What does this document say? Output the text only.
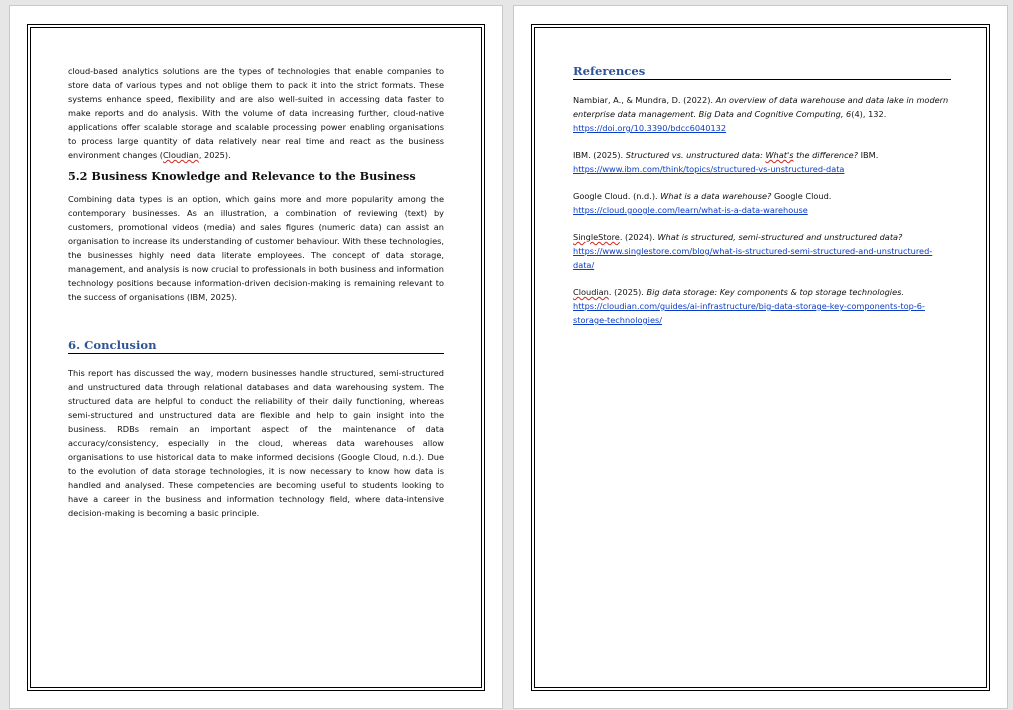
cloud-based analytics solutions are the types of technologies that enable companies to store data of various types and not oblige them to pack it into the strict formats. These systems enhance speed, flexibility and are also well-suited in accessing data faster to make reports and do analysis. With the volume of data increasing further, cloud-native applications offer scalable storage and scalable processing power enabling organisations to process large quantity of data relatively near real time and react as the business environment changes (Cloudian, 2025).

5.2 Business Knowledge and Relevance to the Business

Combining data types is an option, which gains more and more popularity among the contemporary businesses. As an illustration, a combination of reviewing (text) by customers, promotional videos (media) and sales figures (numeric data) can assist an organisation to increase its understanding of customer behaviour. With these technologies, the businesses highly need data literate employees. The concept of data storage, management, and analysis is now crucial to professionals in both business and information technology positions because information-driven decision-making is remaining relevant to the success of organisations (IBM, 2025).

6. Conclusion

This report has discussed the way, modern businesses handle structured, semi-structured and unstructured data through relational databases and data warehousing system. The structured data are helpful to conduct the reliability of their daily functioning, whereas semi-structured and unstructured data are flexible and help to gain insight into the business. RDBs remain an important aspect of the maintenance of data accuracy/consistency, especially in the cloud, whereas data warehouses allow organisations to use historical data to make informed decisions (Google Cloud, n.d.). Due to the evolution of data storage technologies, it is now necessary to know how data is handled and analysed. These competencies are becoming useful to students looking to have a career in the business and information technology field, where data-intensive decision-making is becoming a basic principle.

References

Nambiar, A., & Mundra, D. (2022). An overview of data warehouse and data lake in modern enterprise data management. Big Data and Cognitive Computing, 6(4), 132.
https://doi.org/10.3390/bdcc6040132

IBM. (2025). Structured vs. unstructured data: What's the difference? IBM.
https://www.ibm.com/think/topics/structured-vs-unstructured-data

Google Cloud. (n.d.). What is a data warehouse? Google Cloud.
https://cloud.google.com/learn/what-is-a-data-warehouse

SingleStore. (2024). What is structured, semi-structured and unstructured data?
https://www.singlestore.com/blog/what-is-structured-semi-structured-and-unstructured-data/

Cloudian. (2025). Big data storage: Key components & top storage technologies.
https://cloudian.com/guides/ai-infrastructure/big-data-storage-key-components-top-6-storage-technologies/
